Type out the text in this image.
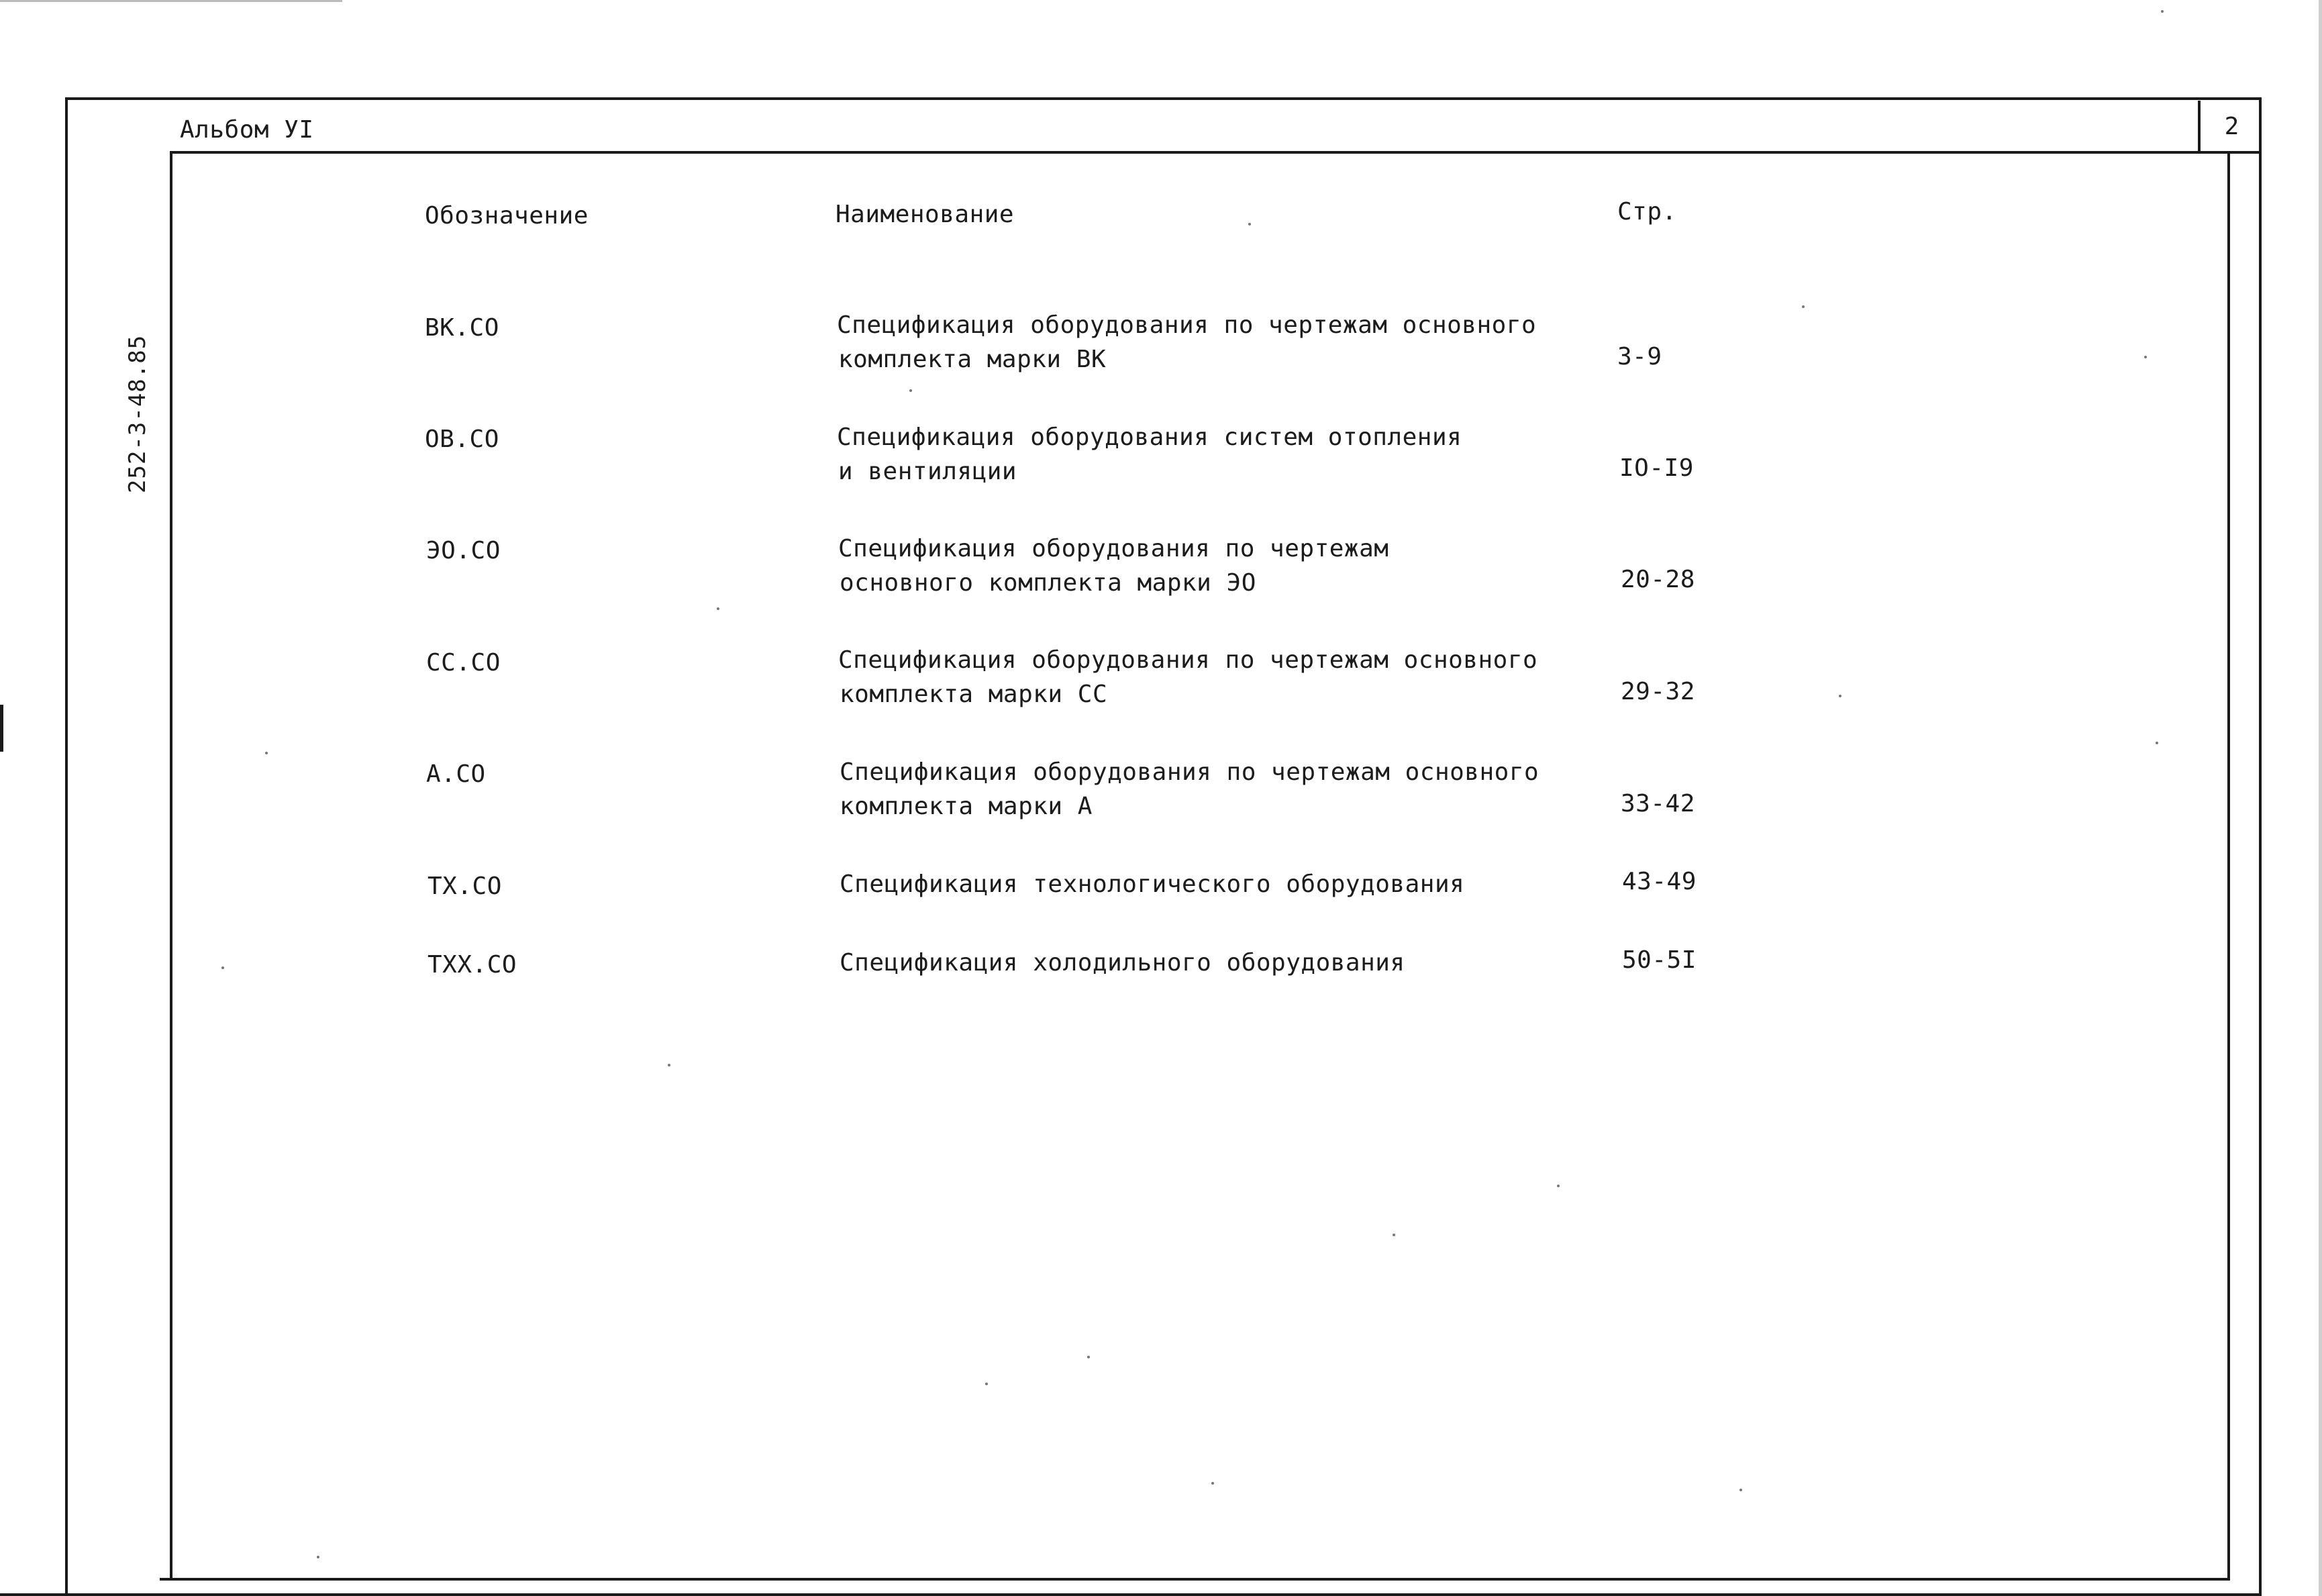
Альбом УI	2
252-3-48.85
Обозначение	Наименование	Стр.
ВК.СО	Спецификация оборудования по чертежам основного
комплекта марки ВК	3-9
ОВ.СО	Спецификация оборудования систем отопления
и вентиляции	IO-I9
ЭО.СО	Спецификация оборудования по чертежам
основного комплекта марки ЭО	20-28
СС.СО	Спецификация оборудования по чертежам основного
комплекта марки СС	29-32
А.СО	Спецификация оборудования по чертежам основного
комплекта марки А	33-42
ТХ.СО	Спецификация технологического оборудования	43-49
ТХХ.СО	Спецификация холодильного оборудования	50-5I
